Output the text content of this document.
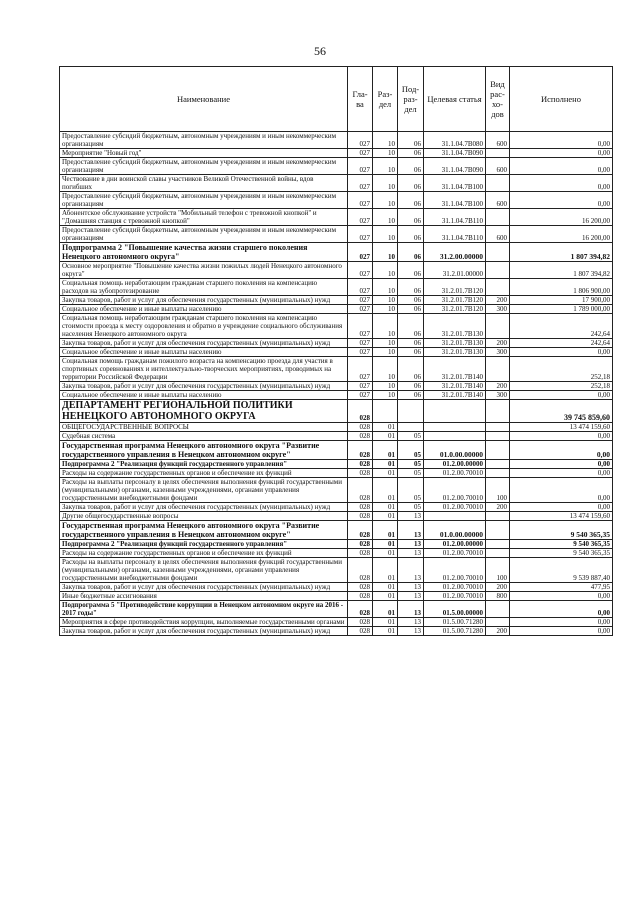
56
Наименование	Гла-ва	Раз-дел	Под-раз-дел	Целевая статья	Вид рас-хо-дов	Исполнено
Предоставление субсидий бюджетным, автономным учреждениям и иным некоммерческим организациям	027	10	06	31.1.04.7В080	600	0,00
Мероприятие "Новый год"	027	10	06	31.1.04.7В090		0,00
Предоставление субсидий бюджетным, автономным учреждениям и иным некоммерческим организациям	027	10	06	31.1.04.7В090	600	0,00
Чествование в дни воинской славы участников Великой Отечественной войны, вдов погибших	027	10	06	31.1.04.7В100		0,00
Предоставление субсидий бюджетным, автономным учреждениям и иным некоммерческим организациям	027	10	06	31.1.04.7В100	600	0,00
Абонентское обслуживание устройств "Мобильный телефон с тревожной кнопкой" и "Домашняя станция с тревожной кнопкой"	027	10	06	31.1.04.7В110		16 200,00
Предоставление субсидий бюджетным, автономным учреждениям и иным некоммерческим организациям	027	10	06	31.1.04.7В110	600	16 200,00
Подпрограмма 2 "Повышение качества жизни старшего поколения Ненецкого автономного округа"	027	10	06	31.2.00.00000		1 807 394,82
Основное мероприятие "Повышение качества жизни пожилых людей Ненецкого автономного округа"	027	10	06	31.2.01.00000		1 807 394,82
Социальная помощь неработающим гражданам старшего поколения на компенсацию расходов на зубопротезирование	027	10	06	31.2.01.7В120		1 806 900,00
Закупка товаров, работ и услуг для обеспечения государственных (муниципальных) нужд	027	10	06	31.2.01.7В120	200	17 900,00
Социальное обеспечение и иные выплаты населению	027	10	06	31.2.01.7В120	300	1 789 000,00
Социальная помощь неработающим гражданам старшего поколения на компенсацию стоимости проезда к месту оздоровления и обратно в учреждение социального обслуживания населения Ненецкого автономного округа	027	10	06	31.2.01.7В130		242,64
Закупка товаров, работ и услуг для обеспечения государственных (муниципальных) нужд	027	10	06	31.2.01.7В130	200	242,64
Социальное обеспечение и иные выплаты населению	027	10	06	31.2.01.7В130	300	0,00
Социальная помощь гражданам пожилого возраста на компенсацию проезда для участия в спортивных соревнованиях и интеллектуально-творческих мероприятиях, проводимых на территории Российской Федерации	027	10	06	31.2.01.7В140		252,18
Закупка товаров, работ и услуг для обеспечения государственных (муниципальных) нужд	027	10	06	31.2.01.7В140	200	252,18
Социальное обеспечение и иные выплаты населению	027	10	06	31.2.01.7В140	300	0,00
ДЕПАРТАМЕНТ РЕГИОНАЛЬНОЙ ПОЛИТИКИ НЕНЕЦКОГО АВТОНОМНОГО ОКРУГА	028					39 745 859,60
ОБЩЕГОСУДАРСТВЕННЫЕ ВОПРОСЫ	028	01				13 474 159,60
Судебная система	028	01	05			0,00
Государственная программа Ненецкого автономного округа "Развитие государственного управления в Ненецком автономном округе"	028	01	05	01.0.00.00000		0,00
Подпрограмма 2 "Реализация функций государственного управления"	028	01	05	01.2.00.00000		0,00
Расходы на содержание государственных органов и обеспечение их функций	028	01	05	01.2.00.70010		0,00
Расходы на выплаты персоналу в целях обеспечения выполнения функций государственными (муниципальными) органами, казенными учреждениями, органами управления государственными внебюджетными фондами	028	01	05	01.2.00.70010	100	0,00
Закупка товаров, работ и услуг для обеспечения государственных (муниципальных) нужд	028	01	05	01.2.00.70010	200	0,00
Другие общегосударственные вопросы	028	01	13			13 474 159,60
Государственная программа Ненецкого автономного округа "Развитие государственного управления в Ненецком автономном округе"	028	01	13	01.0.00.00000		9 540 365,35
Подпрограмма 2 "Реализация функций государственного управления"	028	01	13	01.2.00.00000		9 540 365,35
Расходы на содержание государственных органов и обеспечение их функций	028	01	13	01.2.00.70010		9 540 365,35
Расходы на выплаты персоналу в целях обеспечения выполнения функций государственными (муниципальными) органами, казенными учреждениями, органами управления государственными внебюджетными фондами	028	01	13	01.2.00.70010	100	9 539 887,40
Закупка товаров, работ и услуг для обеспечения государственных (муниципальных) нужд	028	01	13	01.2.00.70010	200	477,95
Иные бюджетные ассигнования	028	01	13	01.2.00.70010	800	0,00
Подпрограмма 5 "Противодействие коррупции в Ненецком автономном округе на 2016 - 2017 годы"	028	01	13	01.5.00.00000		0,00
Мероприятия в сфере противодействия коррупции, выполняемые государственными органами	028	01	13	01.5.00.71280		0,00
Закупка товаров, работ и услуг для обеспечения государственных (муниципальных) нужд	028	01	13	01.5.00.71280	200	0,00
